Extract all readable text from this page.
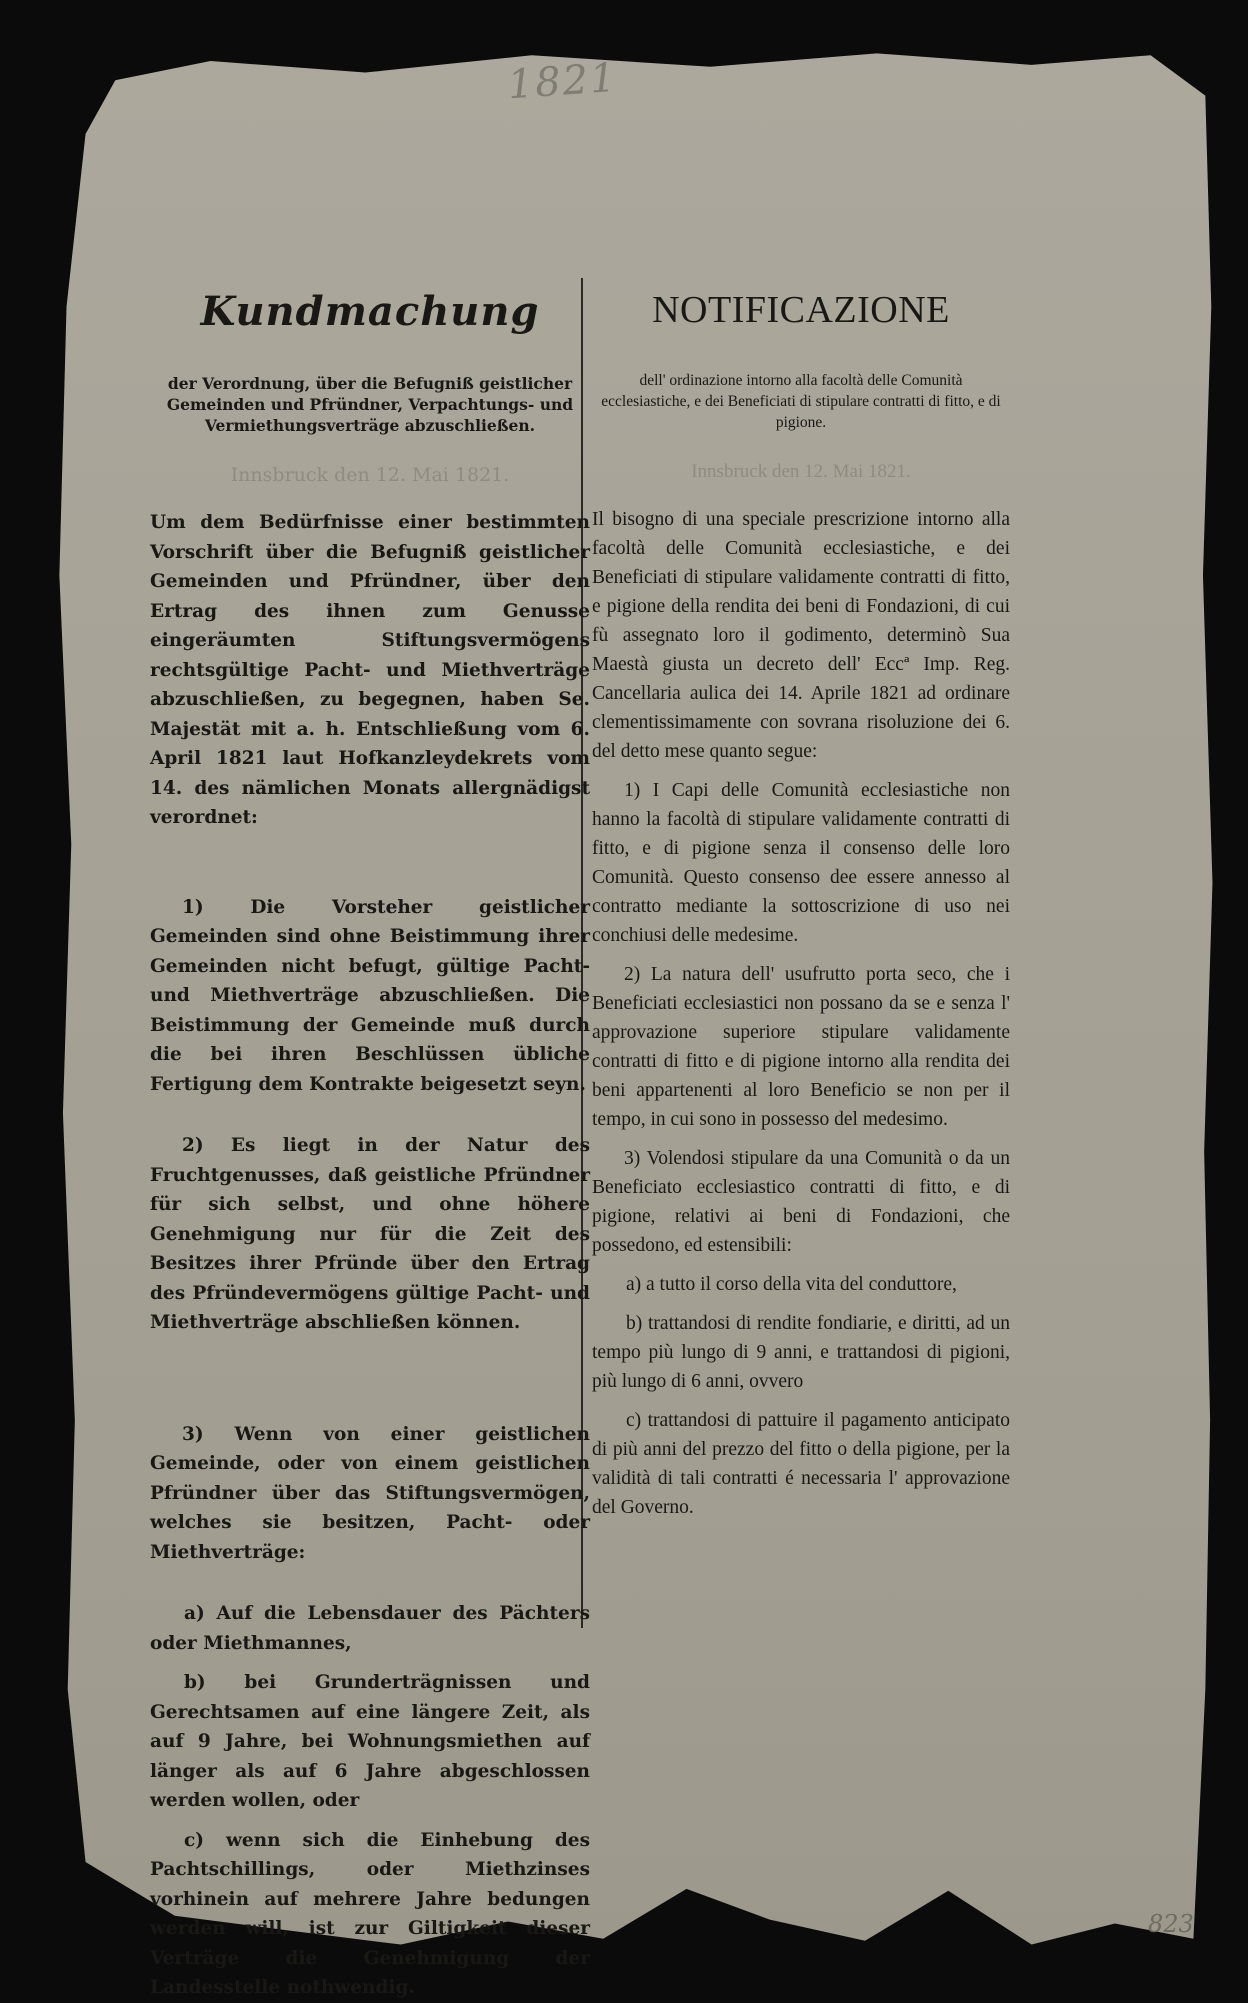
1821
823
Kundmachung
der Verordnung, über die Befugniß geistlicher Gemeinden und Pfründner, Verpachtungs- und Vermiethungsverträge abzuschließen.
Innsbruck den 12. Mai 1821.
Um dem Bedürfnisse einer bestimmten Vorschrift über die Befugniß geistlicher Gemeinden und Pfründner, über den Ertrag des ihnen zum Genusse eingeräumten Stiftungsvermögens rechtsgültige Pacht- und Miethverträge abzuschließen, zu begegnen, haben Se. Majestät mit a. h. Entschließung vom 6. April 1821 laut Hofkanzleydekrets vom 14. des nämlichen Monats allergnädigst verordnet:
1) Die Vorsteher geistlicher Gemeinden sind ohne Beistimmung ihrer Gemeinden nicht befugt, gültige Pacht- und Miethverträge abzuschließen. Die Beistimmung der Gemeinde muß durch die bei ihren Beschlüssen übliche Fertigung dem Kontrakte beigesetzt seyn.
2) Es liegt in der Natur des Fruchtgenusses, daß geistliche Pfründner für sich selbst, und ohne höhere Genehmigung nur für die Zeit des Besitzes ihrer Pfründe über den Ertrag des Pfründevermögens gültige Pacht- und Miethverträge abschließen können.
3) Wenn von einer geistlichen Gemeinde, oder von einem geistlichen Pfründner über das Stiftungsvermögen, welches sie besitzen, Pacht- oder Miethverträge:
a) Auf die Lebensdauer des Pächters oder Miethmannes,
b) bei Grunderträgnissen und Gerechtsamen auf eine längere Zeit, als auf 9 Jahre, bei Wohnungsmiethen auf länger als auf 6 Jahre abgeschlossen werden wollen, oder
c) wenn sich die Einhebung des Pachtschillings, oder Miethzinses vorhinein auf mehrere Jahre bedungen werden will, ist zur Giltigkeit dieser Verträge die Genehmigung der Landesstelle nothwendig.
NOTIFICAZIONE
dell' ordinazione intorno alla facoltà delle Comunità ecclesiastiche, e dei Beneficiati di stipulare contratti di fitto, e di pigione.
Innsbruck den 12. Mai 1821.
Il bisogno di una speciale prescrizione intorno alla facoltà delle Comunità ecclesiastiche, e dei Beneficiati di stipulare validamente contratti di fitto, e pigione della rendita dei beni di Fondazioni, di cui fù assegnato loro il godimento, determinò Sua Maestà giusta un decreto dell' Eccª Imp. Reg. Cancellaria aulica dei 14. Aprile 1821 ad ordinare clementissimamente con sovrana risoluzione dei 6. del detto mese quanto segue:
1) I Capi delle Comunità ecclesiastiche non hanno la facoltà di stipulare validamente contratti di fitto, e di pigione senza il consenso delle loro Comunità. Questo consenso dee essere annesso al contratto mediante la sottoscrizione di uso nei conchiusi delle medesime.
2) La natura dell' usufrutto porta seco, che i Beneficiati ecclesiastici non possano da se e senza l' approvazione superiore stipulare validamente contratti di fitto e di pigione intorno alla rendita dei beni appartenenti al loro Beneficio se non per il tempo, in cui sono in possesso del medesimo.
3) Volendosi stipulare da una Comunità o da un Beneficiato ecclesiastico contratti di fitto, e di pigione, relativi ai beni di Fondazioni, che possedono, ed estensibili:
a) a tutto il corso della vita del conduttore,
b) trattandosi di rendite fondiarie, e diritti, ad un tempo più lungo di 9 anni, e trattandosi di pigioni, più lungo di 6 anni, ovvero
c) trattandosi di pattuire il pagamento anticipato di più anni del prezzo del fitto o della pigione, per la validità di tali contratti é necessaria l' approvazione del Governo.
